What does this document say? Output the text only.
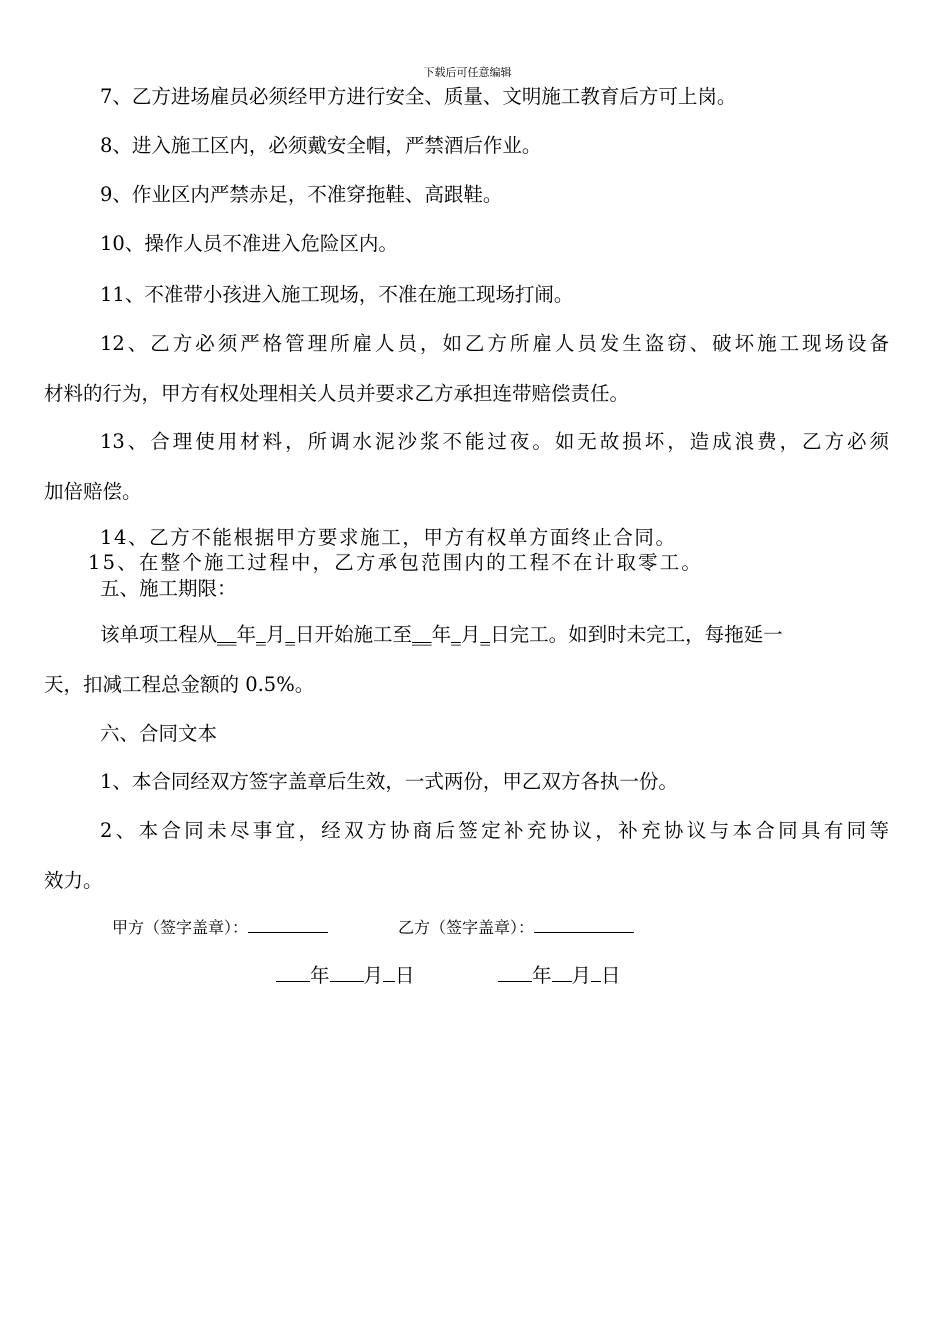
下载后可任意编辑
7、乙方进场雇员必须经甲方进行安全、质量、文明施工教育后方可上岗。
8、进入施工区内，必须戴安全帽，严禁酒后作业。
9、作业区内严禁赤足，不准穿拖鞋、高跟鞋。
10、操作人员不准进入危险区内。
11、不准带小孩进入施工现场，不准在施工现场打闹。
12、乙方必须严格管理所雇人员，如乙方所雇人员发生盗窃、破坏施工现场设备
材料的行为，甲方有权处理相关人员并要求乙方承担连带赔偿责任。
13、合理使用材料，所调水泥沙浆不能过夜。如无故损坏，造成浪费，乙方必须
加倍赔偿。
14、乙方不能根据甲方要求施工，甲方有权单方面终止合同。
15、在整个施工过程中，乙方承包范围内的工程不在计取零工。
五、施工期限：
该单项工程从__年_月_日开始施工至__年_月_日完工。如到时未完工，每拖延一
天，扣减工程总金额的 0.5%。
六、合同文本
1、本合同经双方签字盖章后生效，一式两份，甲乙双方各执一份。
2、本合同未尽事宜，经双方协商后签定补充协议，补充协议与本合同具有同等
效力。
甲方（签字盖章）：	乙方（签字盖章）：
年 月 日	年 月 日
